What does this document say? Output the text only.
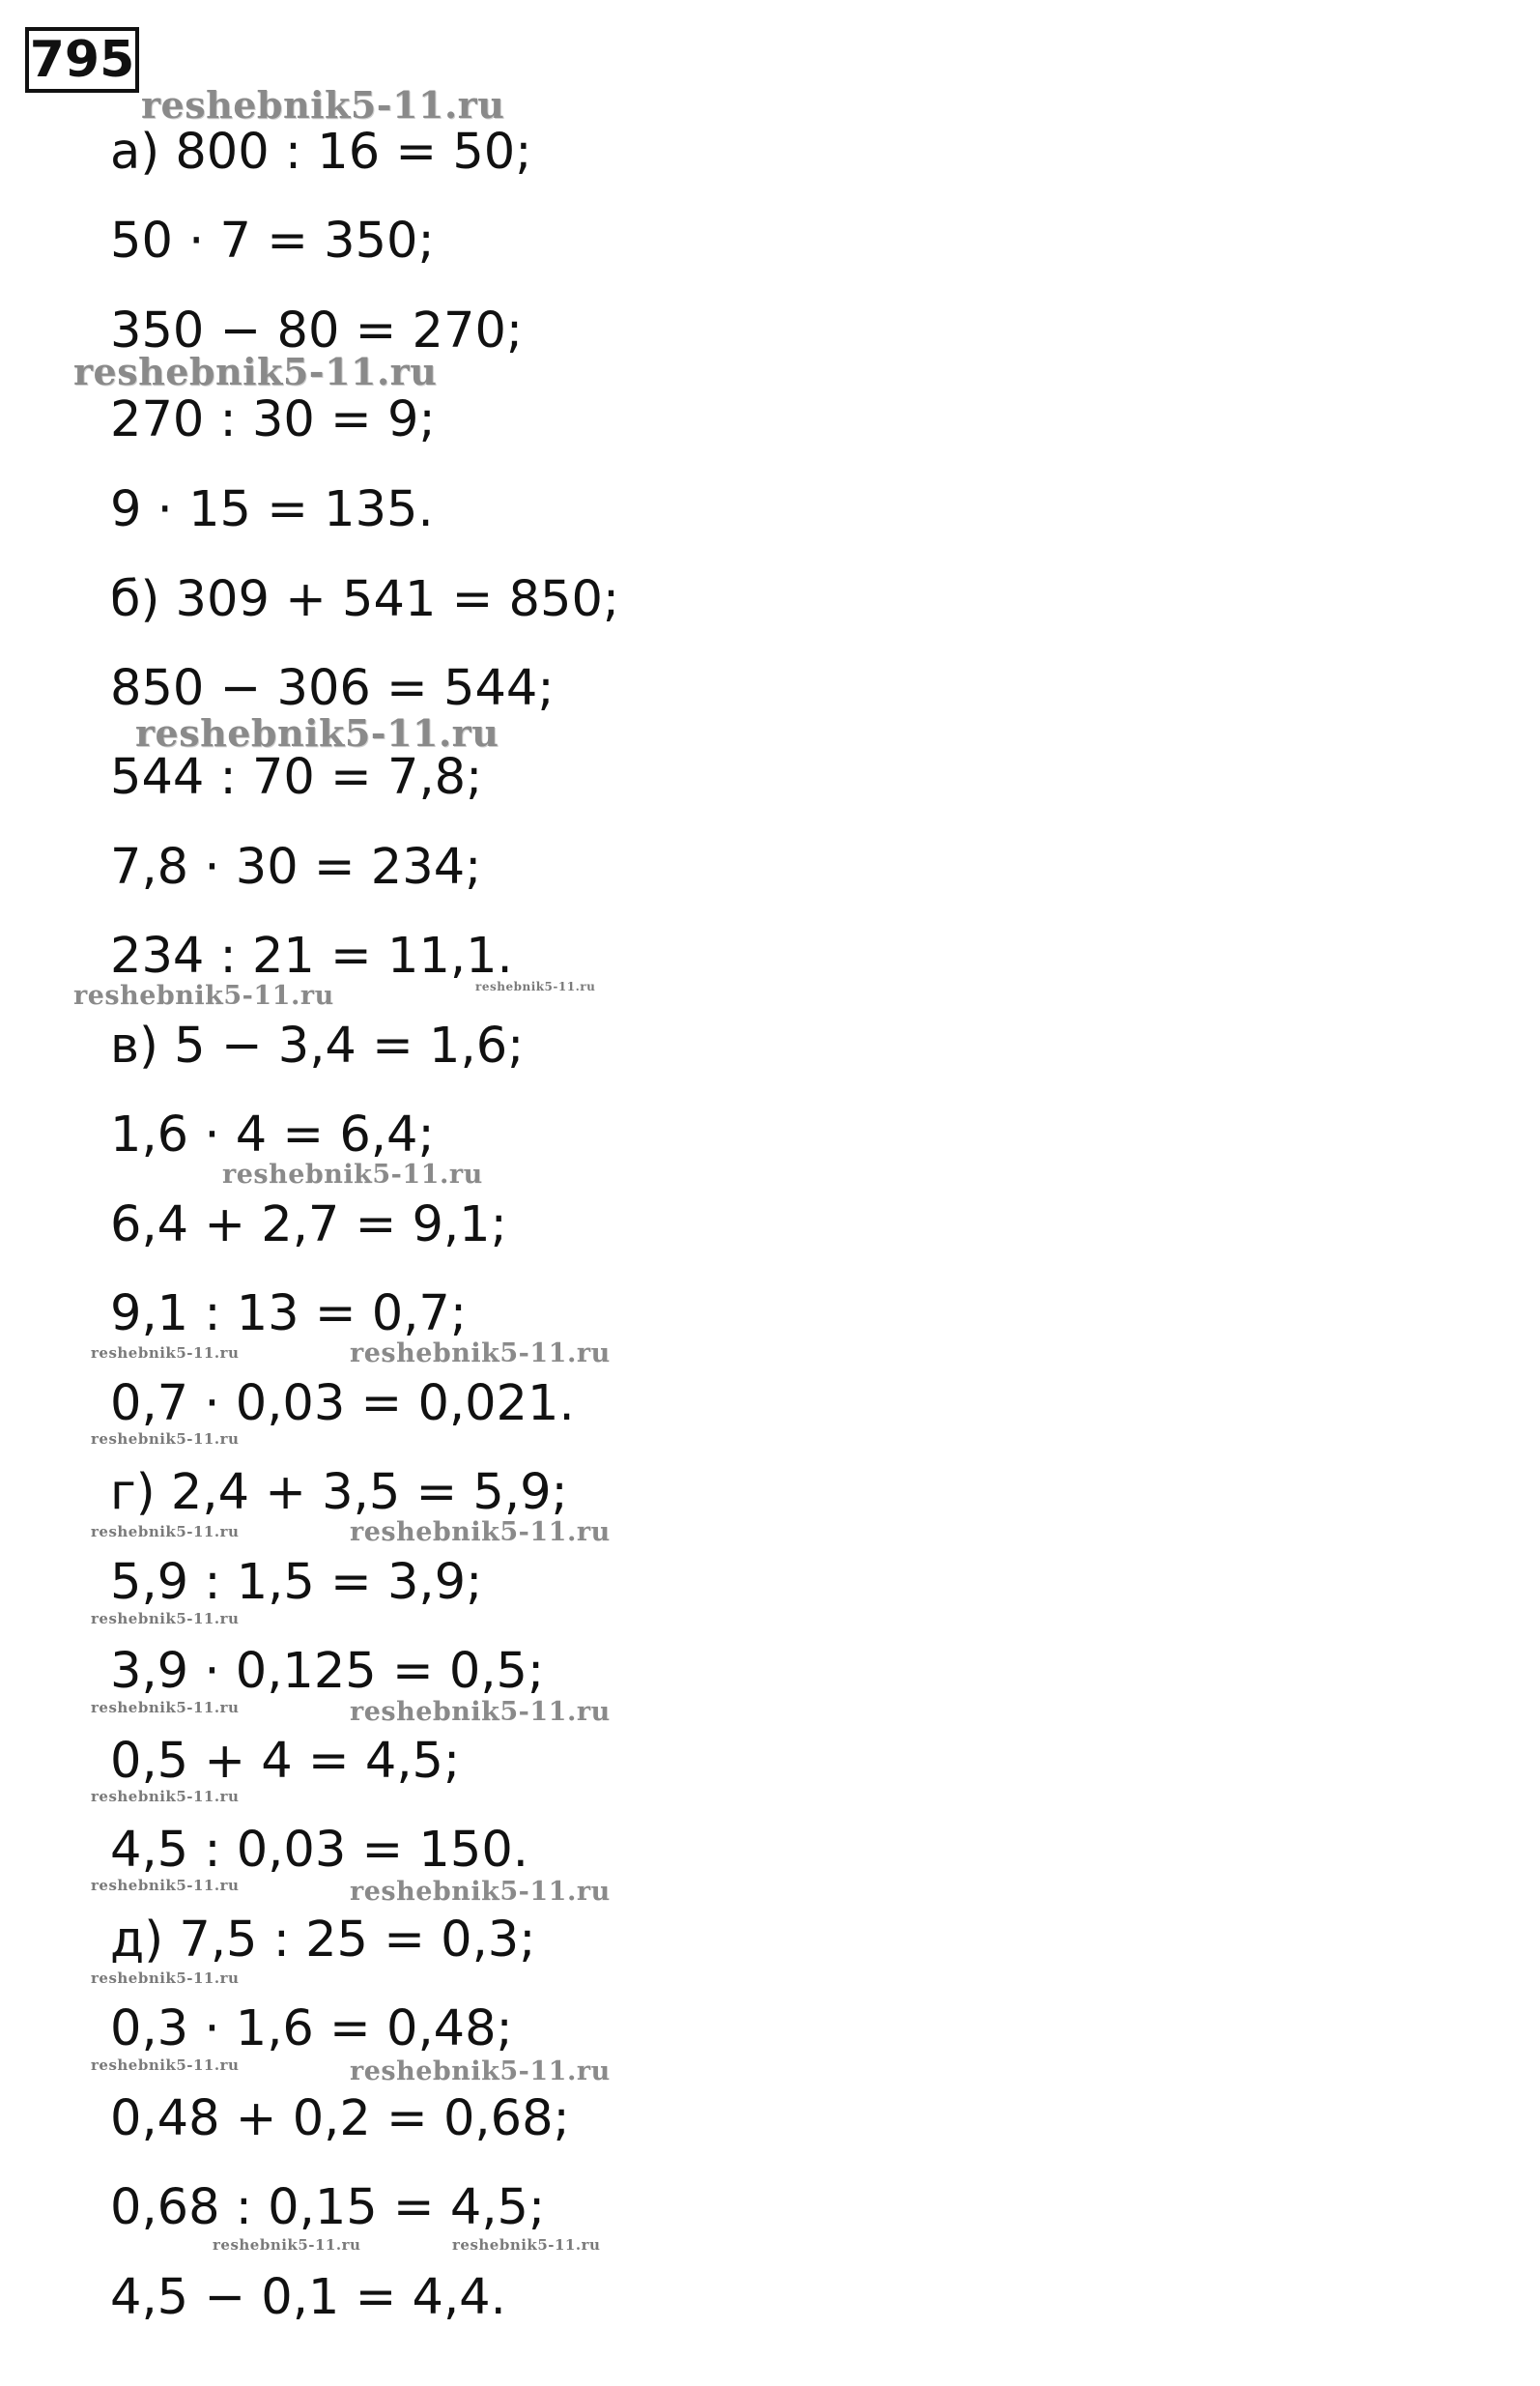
795
а) 800 : 16 = 50;
50 · 7 = 350;
350 − 80 = 270;
270 : 30 = 9;
9 · 15 = 135.
б) 309 + 541 = 850;
850 − 306 = 544;
544 : 70 = 7,8;
7,8 · 30 = 234;
234 : 21 = 11,1.
в) 5 − 3,4 = 1,6;
1,6 · 4 = 6,4;
6,4 + 2,7 = 9,1;
9,1 : 13 = 0,7;
0,7 · 0,03 = 0,021.
г) 2,4 + 3,5 = 5,9;
5,9 : 1,5 = 3,9;
3,9 · 0,125 = 0,5;
0,5 + 4 = 4,5;
4,5 : 0,03 = 150.
д) 7,5 : 25 = 0,3;
0,3 · 1,6 = 0,48;
0,48 + 0,2 = 0,68;
0,68 : 0,15 = 4,5;
4,5 − 0,1 = 4,4.
reshebnik5-11.ru
reshebnik5-11.ru
reshebnik5-11.ru
reshebnik5-11.ru	reshebnik5-11.ru
reshebnik5-11.ru
reshebnik5-11.ru	reshebnik5-11.ru
reshebnik5-11.ru
reshebnik5-11.ru	reshebnik5-11.ru
reshebnik5-11.ru
reshebnik5-11.ru	reshebnik5-11.ru
reshebnik5-11.ru
reshebnik5-11.ru	reshebnik5-11.ru
reshebnik5-11.ru
reshebnik5-11.ru	reshebnik5-11.ru
reshebnik5-11.ru	reshebnik5-11.ru
